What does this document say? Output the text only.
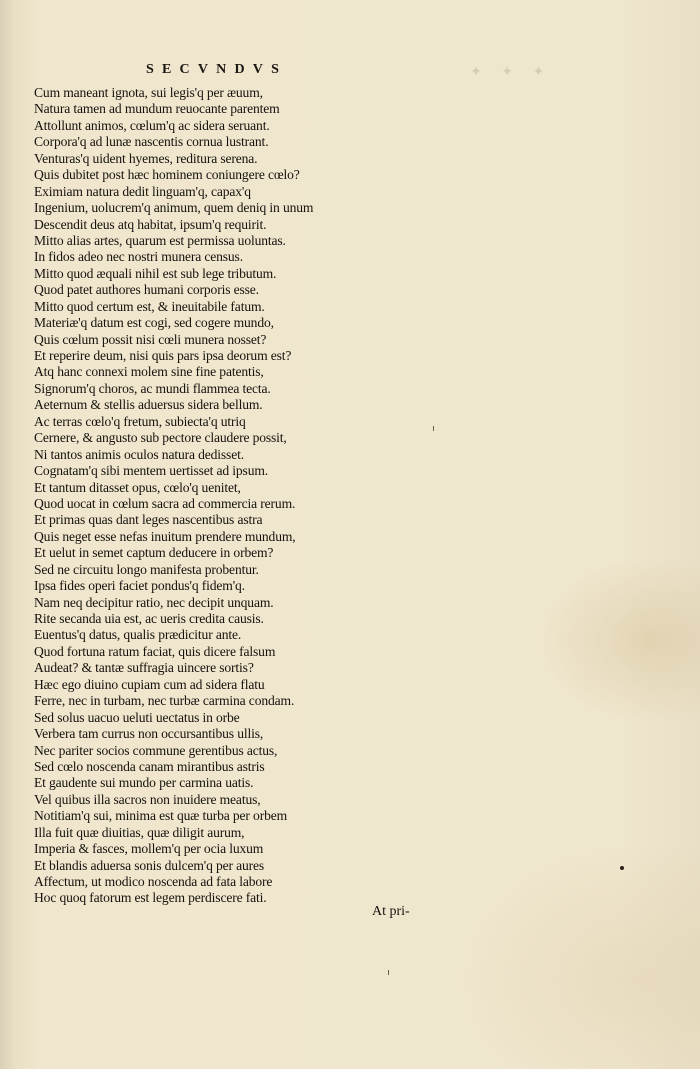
✦ ✦ ✦
SECVNDVS
Cum maneant ignota, sui legis'q per æuum,
Natura tamen ad mundum reuocante parentem
Attollunt animos, cœlum'q ac sidera seruant.
Corpora'q ad lunæ nascentis cornua lustrant.
Venturas'q uident hyemes, reditura serena.
Quis dubitet post hæc hominem coniungere cœlo?
Eximiam natura dedit linguam'q, capax'q
Ingenium, uolucrem'q animum, quem deniq in unum
Descendit deus atq habitat, ipsum'q requirit.
Mitto alias artes, quarum est permissa uoluntas.
In fidos adeo nec nostri munera census.
Mitto quod æquali nihil est sub lege tributum.
Quod patet authores humani corporis esse.
Mitto quod certum est, & ineuitabile fatum.
Materiæ'q datum est cogi, sed cogere mundo,
Quis cœlum possit nisi cœli munera nosset?
Et reperire deum, nisi quis pars ipsa deorum est?
Atq hanc connexi molem sine fine patentis,
Signorum'q choros, ac mundi flammea tecta.
Aeternum & stellis aduersus sidera bellum.
Ac terras cœlo'q fretum, subiecta'q utriq
Cernere, & angusto sub pectore claudere possit,
Ni tantos animis oculos natura dedisset.
Cognatam'q sibi mentem uertisset ad ipsum.
Et tantum ditasset opus, cœlo'q uenitet,
Quod uocat in cœlum sacra ad commercia rerum.
Et primas quas dant leges nascentibus astra
Quis neget esse nefas inuitum prendere mundum,
Et uelut in semet captum deducere in orbem?
Sed ne circuitu longo manifesta probentur.
Ipsa fides operi faciet pondus'q fidem'q.
Nam neq decipitur ratio, nec decipit unquam.
Rite secanda uia est, ac ueris credita causis.
Euentus'q datus, qualis prædicitur ante.
Quod fortuna ratum faciat, quis dicere falsum
Audeat? & tantæ suffragia uincere sortis?
Hæc ego diuino cupiam cum ad sidera flatu
Ferre, nec in turbam, nec turbæ carmina condam.
Sed solus uacuo ueluti uectatus in orbe
Verbera tam currus non occursantibus ullis,
Nec pariter socios commune gerentibus actus,
Sed cœlo noscenda canam mirantibus astris
Et gaudente sui mundo per carmina uatis.
Vel quibus illa sacros non inuidere meatus,
Notitiam'q sui, minima est quæ turba per orbem
Illa fuit quæ diuitias, quæ diligit aurum,
Imperia & fasces, mollem'q per ocia luxum
Et blandis aduersa sonis dulcem'q per aures
Affectum, ut modico noscenda ad fata labore
Hoc quoq fatorum est legem perdiscere fati.
At pri-
